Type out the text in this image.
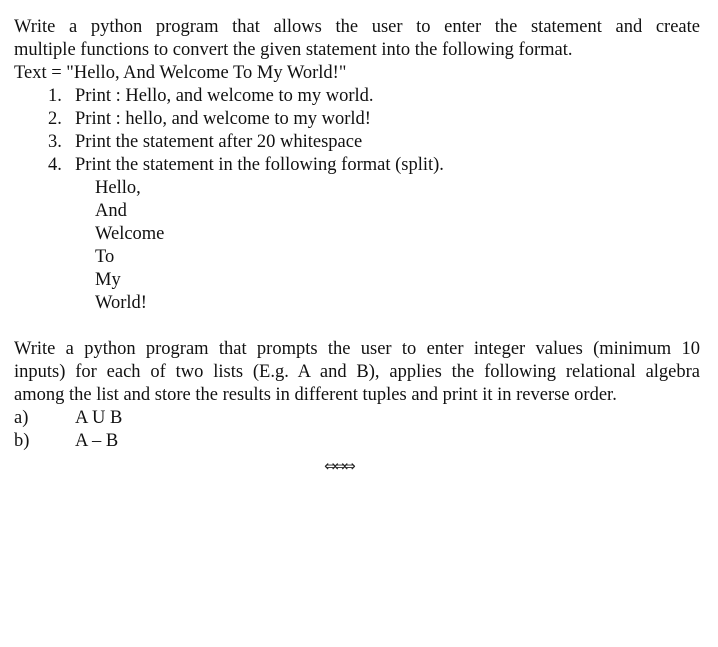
Write a python program that allows the user to enter the statement and create
multiple functions to convert the given statement into the following format.
Text = "Hello, And Welcome To My World!"
1. Print : Hello, and welcome to my world.
2. Print : hello, and welcome to my world!
3. Print the statement after 20 whitespace
4. Print the statement in the following format (split).
Hello,
And
Welcome
To
My
World!
Write a python program that prompts the user to enter integer values (minimum 10
inputs) for each of two lists (E.g. A and B), applies the following relational algebra
among the list and store the results in different tuples and print it in reverse order.
a)	A U B
b) A – B
⇔⇔⇔
